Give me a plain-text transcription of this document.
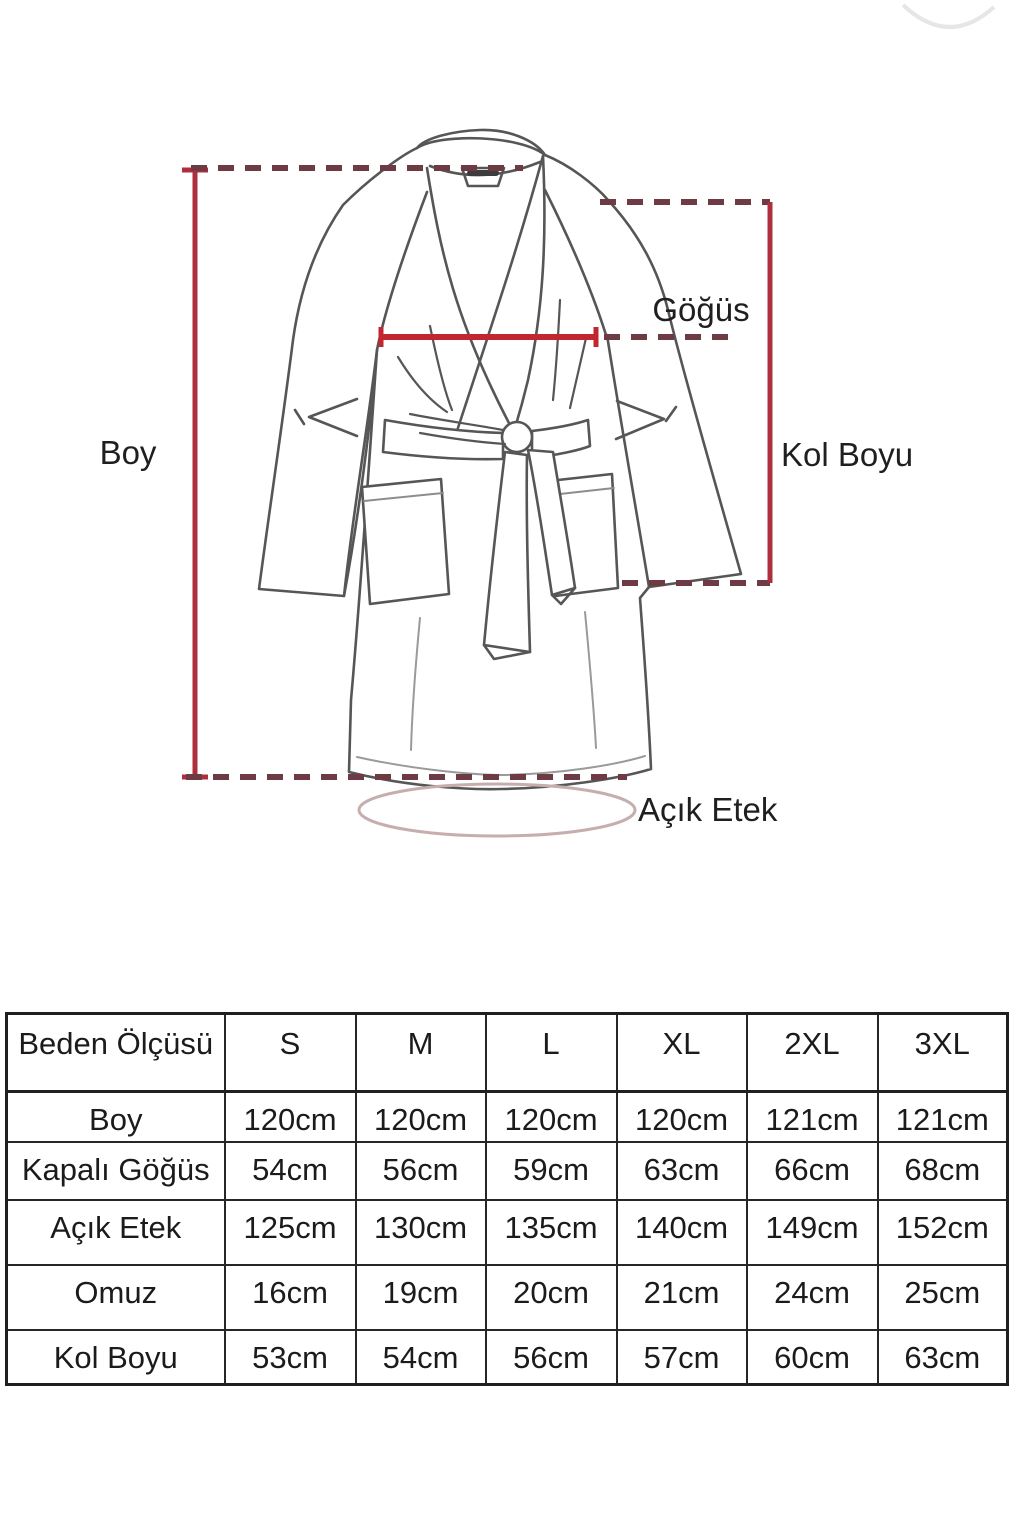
Boy
Göğüs
Kol Boyu
Açık Etek
Beden Ölçüsü	S	M	L	XL	2XL	3XL
Boy	120cm	120cm	120cm	120cm	121cm	121cm
Kapalı Göğüs	54cm	56cm	59cm	63cm	66cm	68cm
Açık Etek	125cm	130cm	135cm	140cm	149cm	152cm
Omuz	16cm	19cm	20cm	21cm	24cm	25cm
Kol Boyu	53cm	54cm	56cm	57cm	60cm	63cm
